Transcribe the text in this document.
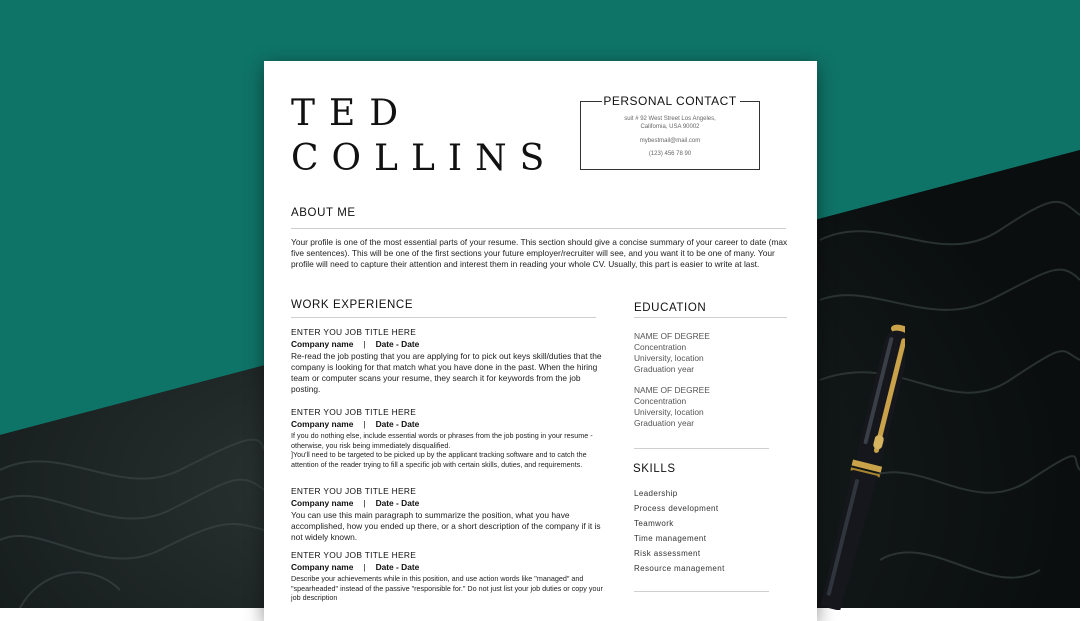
TED
COLLINS
PERSONAL CONTACT
suit # 92 West Street Los Angeles,
California, USA 90002
mybestmail@mail.com
(123) 456 78 90
ABOUT ME
Your profile is one of the most essential parts of your resume. This section should give a concise summary of your career to date (max five sentences). This will be one of the first sections your future employer/recruiter will see, and you want it to be one of many. Your profile will need to capture their attention and interest them in reading your whole CV. Usually, this part is easier to write at last.
WORK EXPERIENCE
ENTER YOU JOB TITLE HERE
Company name | Date - Date
Re-read the job posting that you are applying for to pick out keys skill/duties that the company is looking for that match what you have done in the past. When the hiring team or computer scans your resume, they search it for keywords from the job posting.
ENTER YOU JOB TITLE HERE
Company name | Date - Date
If you do nothing else, include essential words or phrases from the job posting in your resume - otherwise, you risk being immediately disqualified.
]You'll need to be targeted to be picked up by the applicant tracking software and to catch the attention of the reader trying to fill a specific job with certain skills, duties, and requirements.
ENTER YOU JOB TITLE HERE
Company name | Date - Date
You can use this main paragraph to summarize the position, what you have accomplished, how you ended up there, or a short description of the company if it is not widely known.
ENTER YOU JOB TITLE HERE
Company name | Date - Date
Describe your achievements while in this position, and use action words like "managed" and "spearheaded" instead of the passive "responsible for." Do not just list your job duties or copy your job description
EDUCATION
NAME OF DEGREE
Concentration
University, location
Graduation year
NAME OF DEGREE
Concentration
University, location
Graduation year
SKILLS
Leadership
Process development
Teamwork
Time management
Risk assessment
Resource management
